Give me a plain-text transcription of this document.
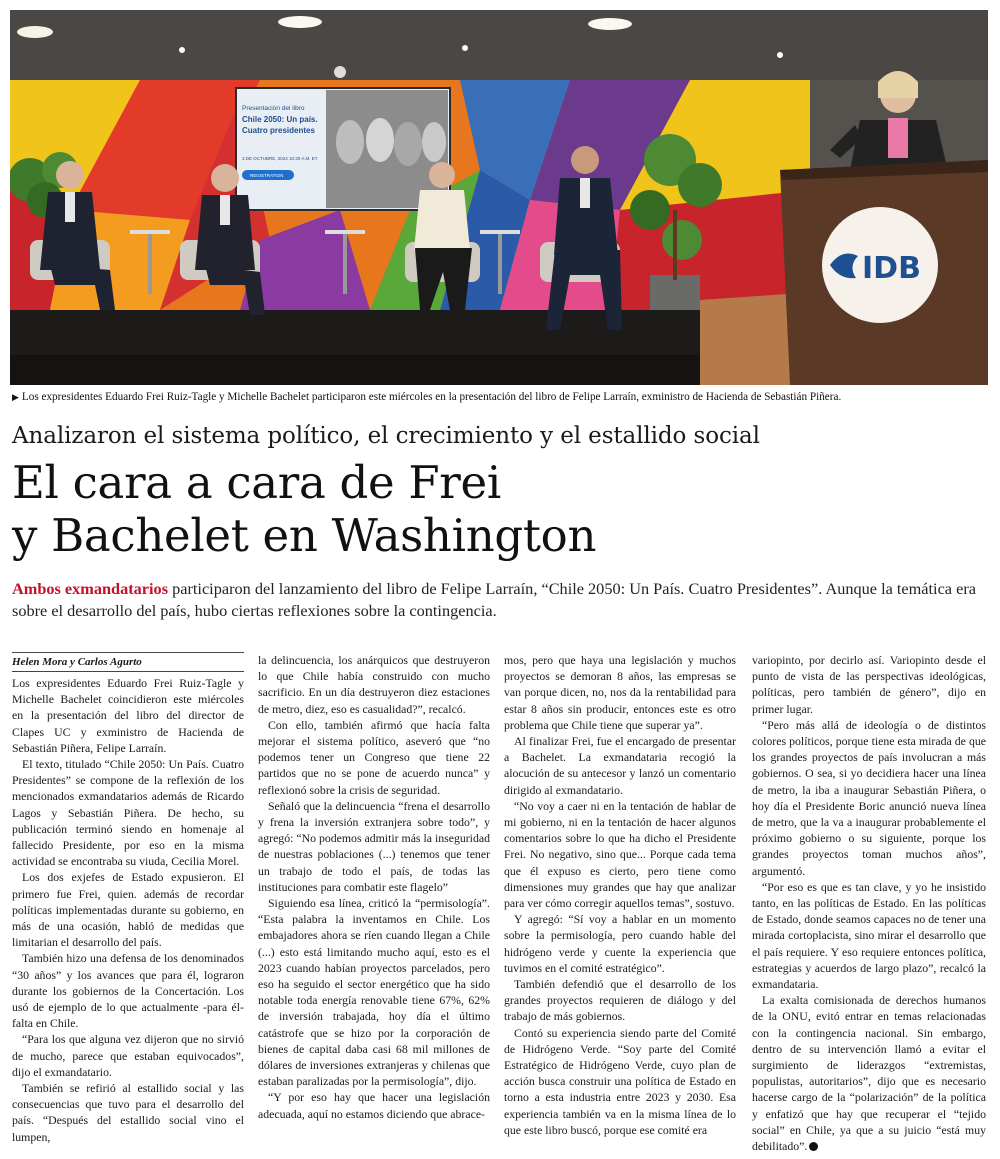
Presentación del libro
Chile 2050: Un país.
Cuatro presidentes
3 DE OCTUBRE, 2024 10:30 A.M. ET
REGISTRATION
IDB
▶ Los expresidentes Eduardo Frei Ruiz-Tagle y Michelle Bachelet participaron este miércoles en la presentación del libro de Felipe Larraín, exministro de Hacienda de Sebastián Piñera.
Analizaron el sistema político, el crecimiento y el estallido social
El cara a cara de Frei
y Bachelet en Washington

Ambos exmandatarios participaron del lanzamiento del libro de Felipe Larraín, “Chile 2050: Un País. Cuatro Presidentes”. Aunque la temática era sobre el desarrollo del país, hubo ciertas reflexiones sobre la contingencia.

Helen Mora y Carlos Agurto

Los expresidentes Eduardo Frei Ruiz-Tagle y Michelle Bachelet coincidieron este miércoles en la presentación del libro del director de Clapes UC y exministro de Hacienda de Sebastián Piñera, Felipe Larraín.

El texto, titulado “Chile 2050: Un País. Cuatro Presidentes” se compone de la reflexión de los mencionados exmandatarios además de Ricardo Lagos y Sebastián Piñera. De hecho, su publicación terminó siendo en homenaje al fallecido Presidente, por eso en la misma actividad se encontraba su viuda, Cecilia Morel.

Los dos exjefes de Estado expusieron. El primero fue Frei, quien. además de recordar políticas implementadas durante su gobierno, en más de una ocasión, habló de medidas que limitarian el desarrollo del país.

También hizo una defensa de los denominados “30 años” y los avances que para él, lograron durante los gobiernos de la Concertación. Los usó de ejemplo de lo que actualmente -para él- falta en Chile.

“Para los que alguna vez dijeron que no sirvió de mucho, parece que estaban equivocados”, dijo el exmandatario.

También se refirió al estallido social y las consecuencias que tuvo para el desarrollo del país. “Después del estallido social vino el lumpen,

la delincuencia, los anárquicos que destruyeron lo que Chile había construido con mucho sacrificio. En un día destruyeron diez estaciones de metro, diez, eso es casualidad?”, recalcó.

Con ello, también afirmó que hacía falta mejorar el sistema político, aseveró que “no podemos tener un Congreso que tiene 22 partidos que no se pone de acuerdo nunca” y reflexionó sobre la crisis de seguridad.

Señaló que la delincuencia “frena el desarrollo y frena la inversión extranjera sobre todo”, y agregó: “No podemos admitir más la inseguridad de nuestras poblaciones (...) tenemos que tener un trabajo de todo el país, de todas las instituciones para combatir este flagelo”

Siguiendo esa línea, criticó la “permisología”. “Esta palabra la inventamos en Chile. Los embajadores ahora se ríen cuando llegan a Chile (...) esto está limitando mucho aquí, esto es el 2023 cuando habían proyectos parcelados, pero eso ha seguido el sector energético que ha sido notable toda energía renovable tiene 67%, 62% de inversión trabajada, hoy día el último catástrofe que se hizo por la corporación de bienes de capital daba casi 68 mil millones de dólares de inversiones extranjeras y chilenas que estaban paralizadas por la permisología”, dijo.

“Y por eso hay que hacer una legislación adecuada, aquí no estamos diciendo que abrace-

mos, pero que haya una legislación y muchos proyectos se demoran 8 años, las empresas se van porque dicen, no, nos da la rentabilidad para estar 8 años sin producir, entonces este es otro problema que Chile tiene que superar ya”.

Al finalizar Frei, fue el encargado de presentar a Bachelet. La exmandataria recogió la alocución de su antecesor y lanzó un comentario dirigido al exmandatario.

“No voy a caer ni en la tentación de hablar de mi gobierno, ni en la tentación de hacer algunos comentarios sobre lo que ha dicho el Presidente Frei. No negativo, sino que... Porque cada tema que él expuso es cierto, pero tiene como dimensiones muy grandes que hay que analizar para ver cómo corregir aquellos temas”, sostuvo.

Y agregó: “Sí voy a hablar en un momento sobre la permisología, pero cuando hable del hidrógeno verde y cuente la experiencia que tuvimos en el comité estratégico”.

También defendió que el desarrollo de los grandes proyectos requieren de diálogo y del trabajo de más gobiernos.

Contó su experiencia siendo parte del Comité de Hidrógeno Verde. “Soy parte del Comité Estratégico de Hidrógeno Verde, cuyo plan de acción busca construir una política de Estado en torno a esta industria entre 2023 y 2030. Esa experiencia también va en la misma línea de lo que este libro buscó, porque ese comité era

variopinto, por decirlo así. Variopinto desde el punto de vista de las perspectivas ideológicas, políticas, pero también de género”, dijo en primer lugar.

“Pero más allá de ideología o de distintos colores políticos, porque tiene esta mirada de que los grandes proyectos de país involucran a más gobiernos. O sea, si yo decidiera hacer una línea de metro, la iba a inaugurar Sebastián Piñera, o hoy día el Presidente Boric anunció nueva línea de metro, que la va a inaugurar probablemente el próximo gobierno o su siguiente, porque los grandes proyectos toman muchos años”, argumentó.

“Por eso es que es tan clave, y yo he insistido tanto, en las políticas de Estado. En las políticas de Estado, donde seamos capaces no de tener una mirada cortoplacista, sino mirar el desarrollo que el país requiere. Y eso requiere entonces política, estrategias y acuerdos de largo plazo”, recalcó la exmandataria.

La exalta comisionada de derechos humanos de la ONU, evitó entrar en temas relacionadas con la contingencia nacional. Sin embargo, dentro de su intervención llamó a evitar el surgimiento de liderazgos “extremistas, populistas, autoritarios”, dijo que es necesario hacerse cargo de la “polarización” de la política y enfatizó que hay que recuperar el “tejido social” en Chile, ya que a su juicio “está muy debilitado”.
